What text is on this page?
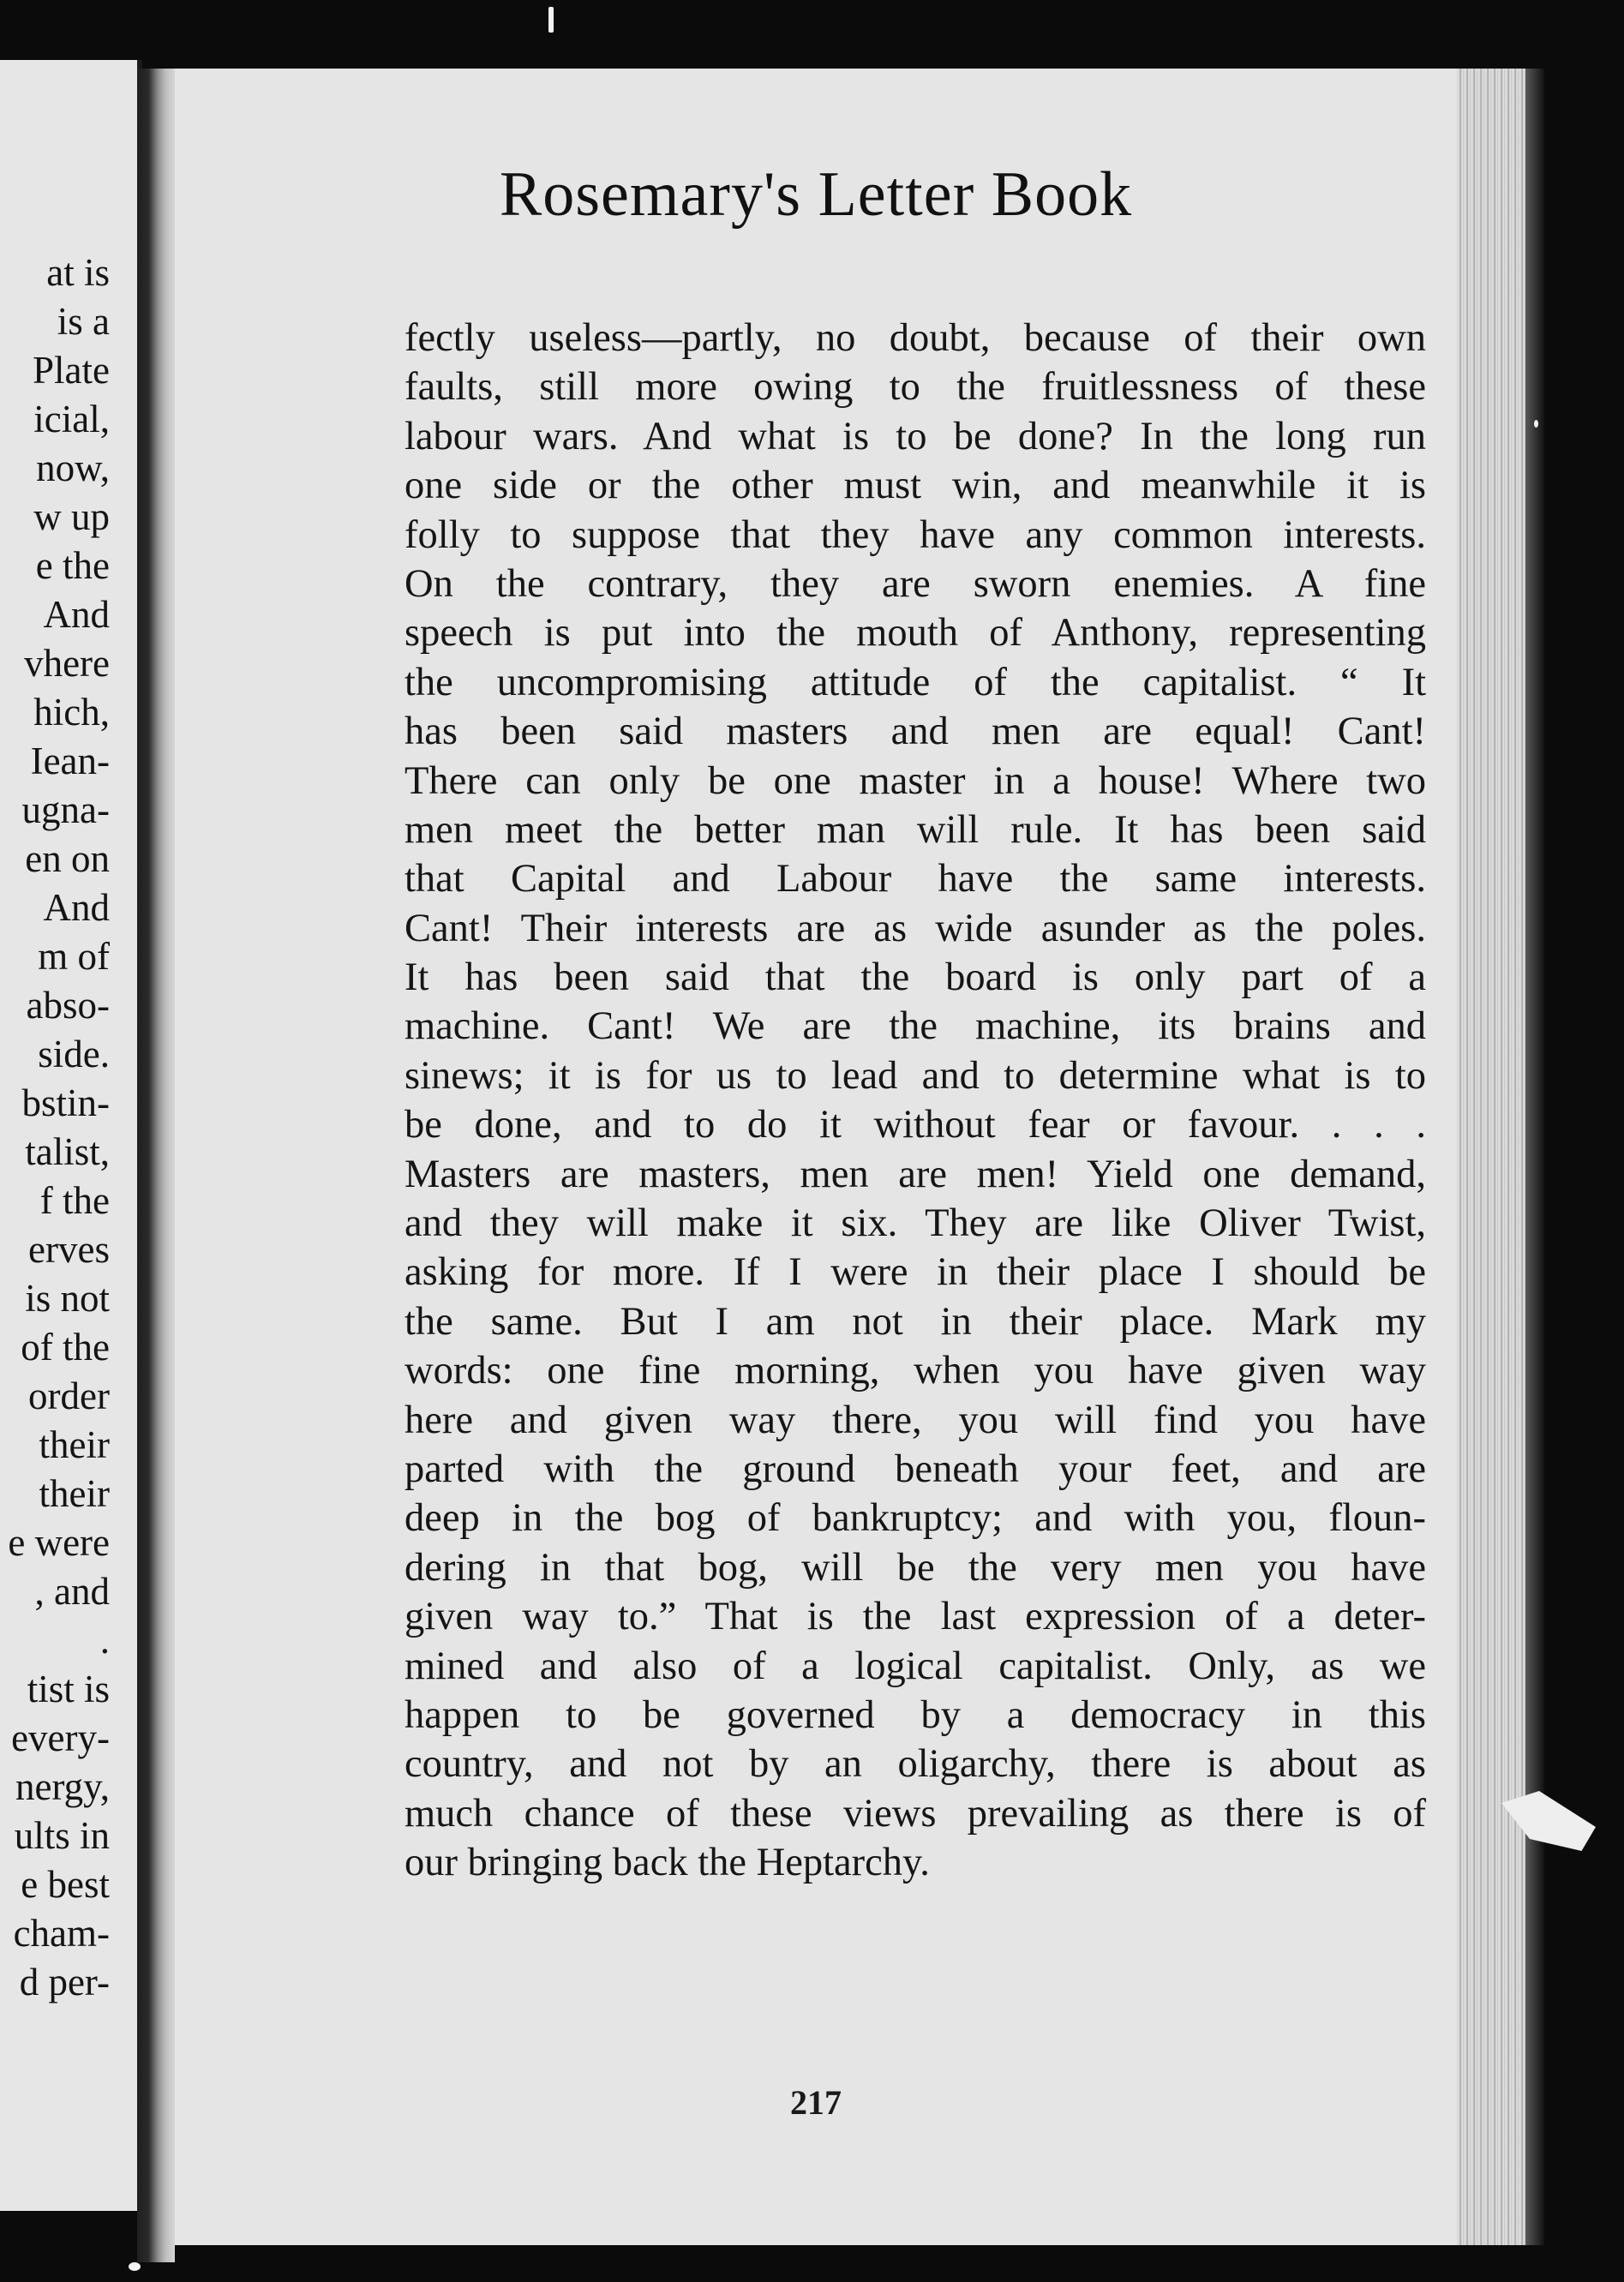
at is
is a
Plate
icial,
now,
w up
e the
And
vhere
hich,
Iean-
ugna-
en on
And
m of
abso-
side.
bstin-
talist,
f the
erves
is not
of the
order
their
their
e were
, and
.
tist is
every-
nergy,
ults in
e best
cham-
d per-
Rosemary's Letter Book
fectly useless—partly, no doubt, because of their own
faults, still more owing to the fruitlessness of these
labour wars. And what is to be done? In the long run
one side or the other must win, and meanwhile it is
folly to suppose that they have any common interests.
On the contrary, they are sworn enemies. A fine
speech is put into the mouth of Anthony, representing
the uncompromising attitude of the capitalist. “ It
has been said masters and men are equal! Cant!
There can only be one master in a house! Where two
men meet the better man will rule. It has been said
that Capital and Labour have the same interests.
Cant! Their interests are as wide asunder as the poles.
It has been said that the board is only part of a
machine. Cant! We are the machine, its brains and
sinews; it is for us to lead and to determine what is to
be done, and to do it without fear or favour. . . .
Masters are masters, men are men! Yield one demand,
and they will make it six. They are like Oliver Twist,
asking for more. If I were in their place I should be
the same. But I am not in their place. Mark my
words: one fine morning, when you have given way
here and given way there, you will find you have
parted with the ground beneath your feet, and are
deep in the bog of bankruptcy; and with you, floun-
dering in that bog, will be the very men you have
given way to.” That is the last expression of a deter-
mined and also of a logical capitalist. Only, as we
happen to be governed by a democracy in this
country, and not by an oligarchy, there is about as
much chance of these views prevailing as there is of
our bringing back the Heptarchy.
217
